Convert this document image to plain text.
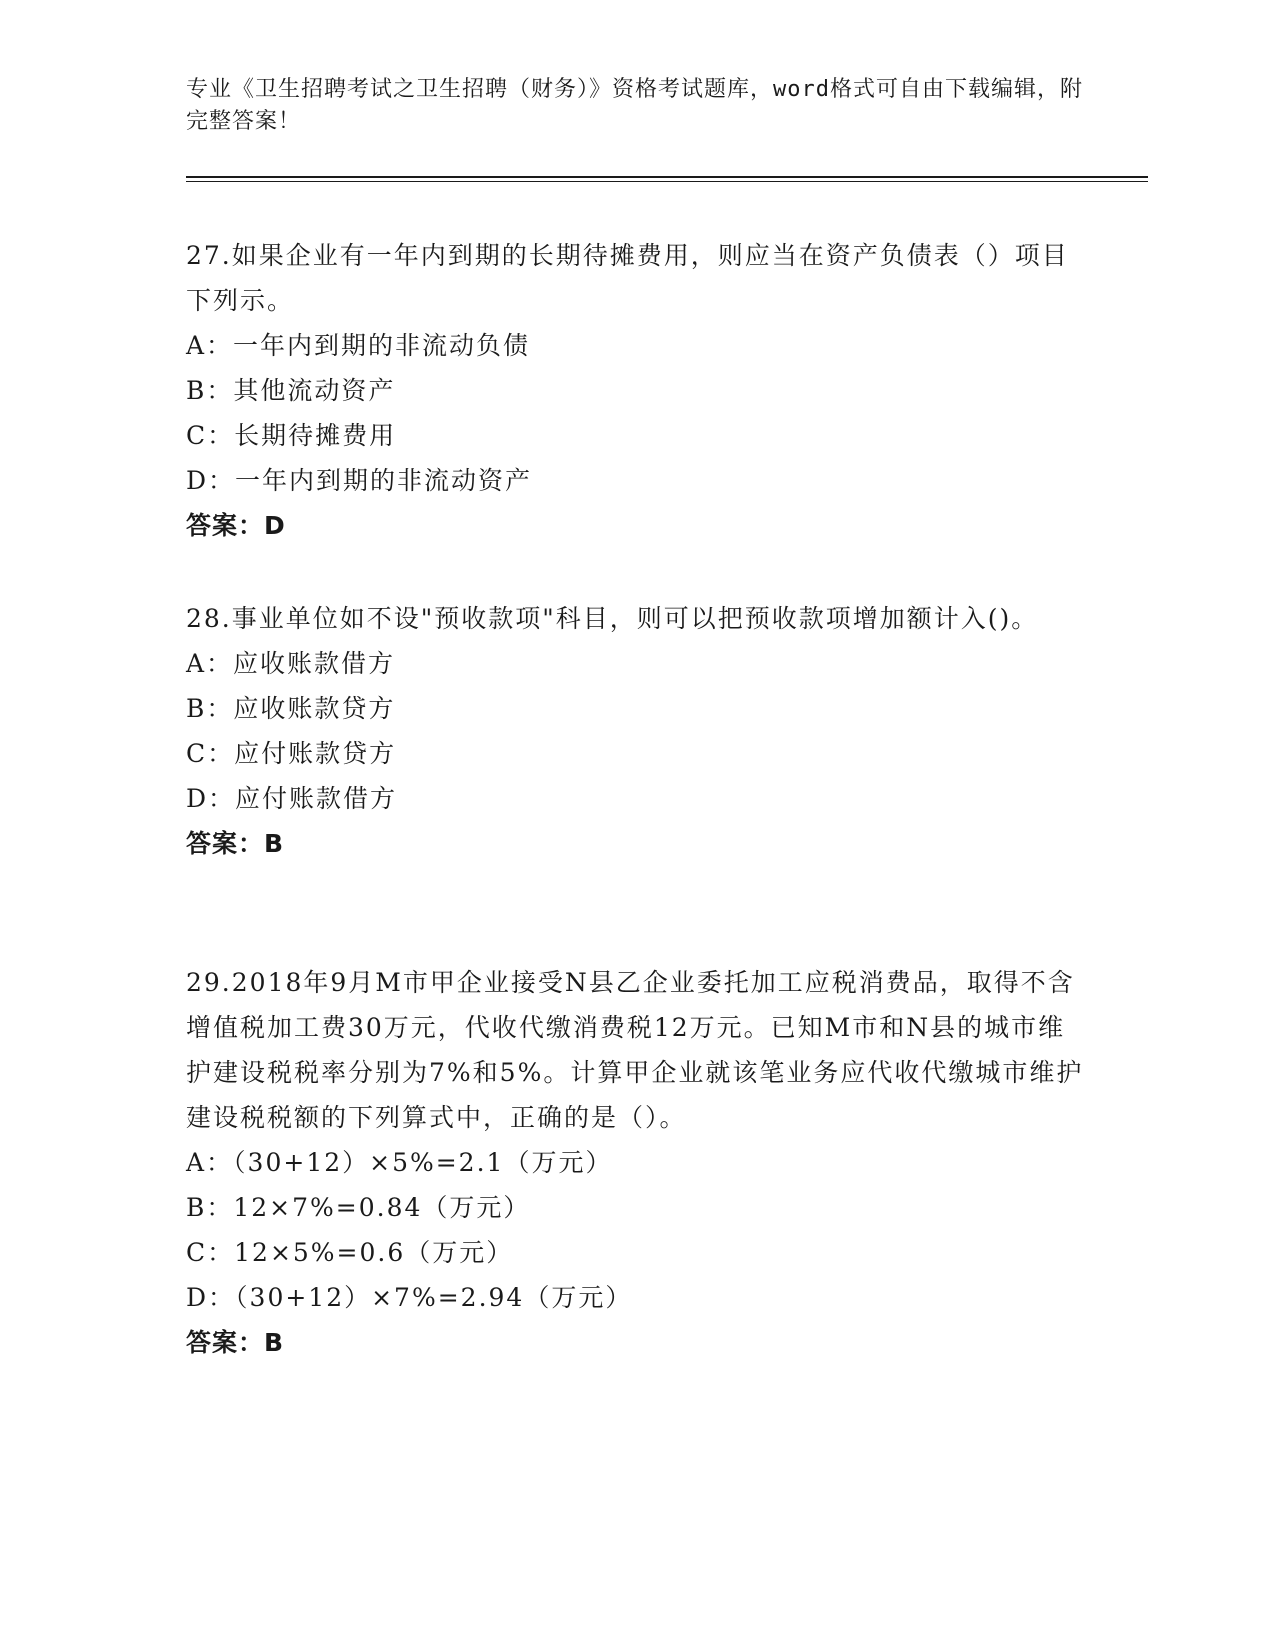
专业《卫生招聘考试之卫生招聘（财务）》资格考试题库，word格式可自由下载编辑，附完整答案！
27.如果企业有一年内到期的长期待摊费用，则应当在资产负债表（）项目下列示。
A：一年内到期的非流动负债
B：其他流动资产
C：长期待摊费用
D：一年内到期的非流动资产
答案：D
28.事业单位如不设"预收款项"科目，则可以把预收款项增加额计入()。
A：应收账款借方
B：应收账款贷方
C：应付账款贷方
D：应付账款借方
答案：B
29.2018年9月M市甲企业接受N县乙企业委托加工应税消费品，取得不含增值税加工费30万元，代收代缴消费税12万元。已知M市和N县的城市维护建设税税率分别为7%和5%。计算甲企业就该笔业务应代收代缴城市维护建设税税额的下列算式中，正确的是（）。
A：（30+12）×5%=2.1（万元）
B：12×7%=0.84（万元）
C：12×5%=0.6（万元）
D：（30+12）×7%=2.94（万元）
答案：B
